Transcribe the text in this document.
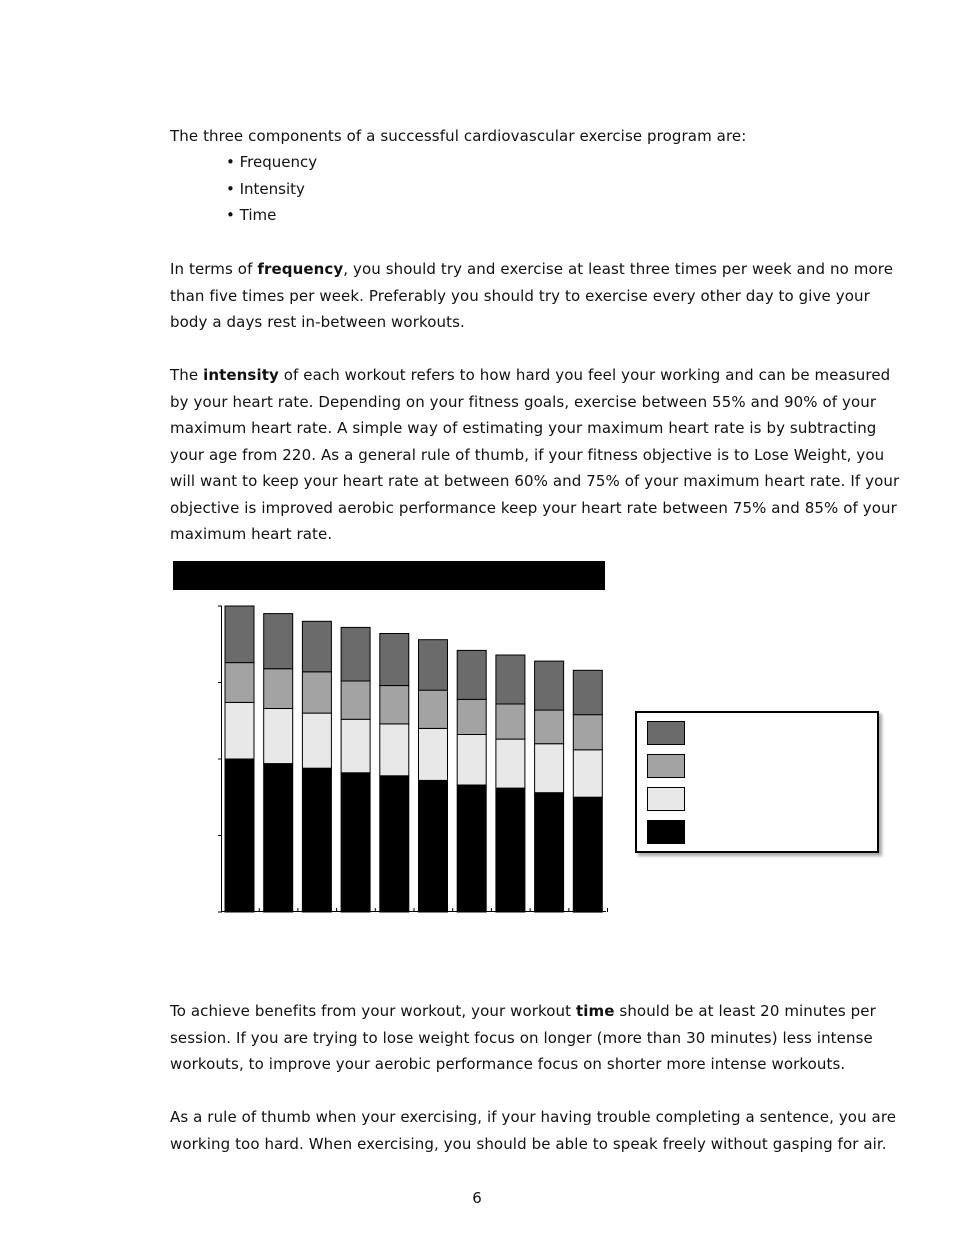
The three components of a successful cardiovascular exercise program are:
• Frequency
• Intensity
• Time
In terms of frequency, you should try and exercise at least three times per week and no more than five times per week. Preferably you should try to exercise every other day to give your body a days rest in-between workouts.
The intensity of each workout refers to how hard you feel your working and can be measured by your heart rate. Depending on your fitness goals, exercise between 55% and 90% of your maximum heart rate. A simple way of estimating your maximum heart rate is by subtracting your age from 220. As a general rule of thumb, if your fitness objective is to Lose Weight, you will want to keep your heart rate at between 60% and 75% of your maximum heart rate. If your objective is improved aerobic performance keep your heart rate between 75% and 85% of your maximum heart rate.
To achieve benefits from your workout, your workout time should be at least 20 minutes per session. If you are trying to lose weight focus on longer (more than 30 minutes) less intense workouts, to improve your aerobic performance focus on shorter more intense workouts.
As a rule of thumb when your exercising, if your having trouble completing a sentence, you are working too hard. When exercising, you should be able to speak freely without gasping for air.
6
